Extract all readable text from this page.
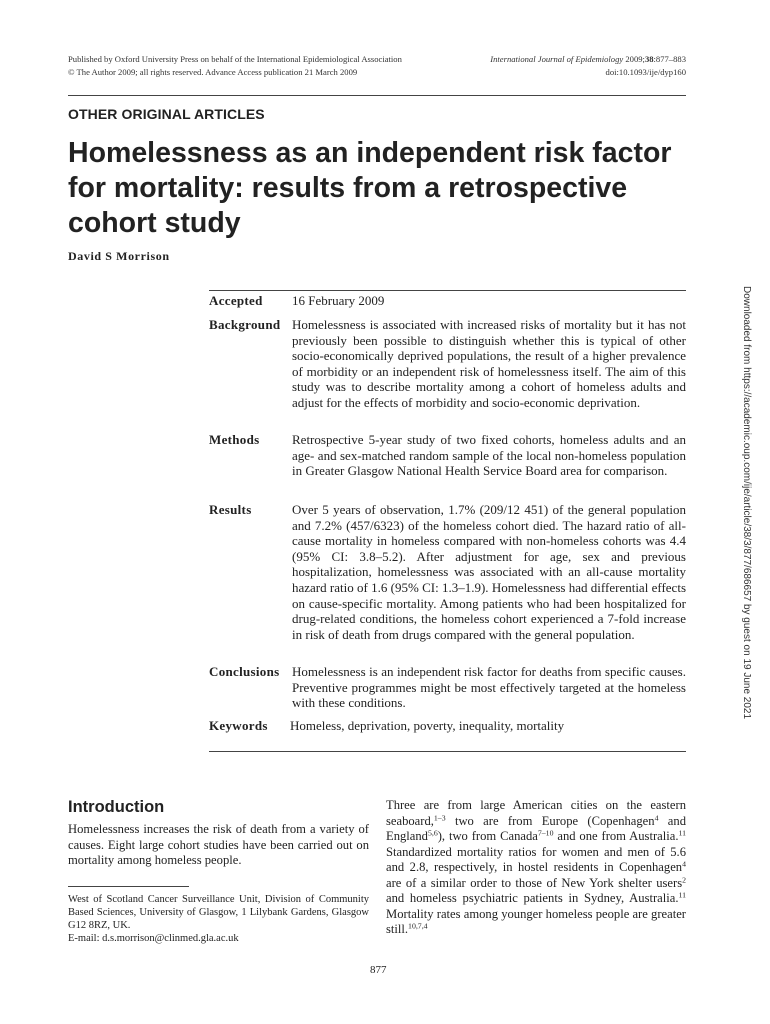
Published by Oxford University Press on behalf of the International Epidemiological Association
© The Author 2009; all rights reserved. Advance Access publication 21 March 2009
International Journal of Epidemiology 2009;38:877–883
doi:10.1093/ije/dyp160
OTHER ORIGINAL ARTICLES
Homelessness as an independent risk factor
for mortality: results from a retrospective
cohort study
David S Morrison
Accepted 16 February 2009
Background Homelessness is associated with increased risks of mortality but it has not previously been possible to distinguish whether this is typical of other socio-economically deprived populations, the result of a higher prevalence of morbidity or an independent risk of homelessness itself. The aim of this study was to describe mortality among a cohort of homeless adults and adjust for the effects of morbidity and socio-economic deprivation.
Methods	Retrospective 5-year study of two fixed cohorts, homeless adults and an age- and sex-matched random sample of the local non-homeless population in Greater Glasgow National Health Service Board area for comparison.
Results	Over 5 years of observation, 1.7% (209/12 451) of the general population and 7.2% (457/6323) of the homeless cohort died. The hazard ratio of all-cause mortality in homeless compared with non-homeless cohorts was 4.4 (95% CI: 3.8–5.2). After adjustment for age, sex and previous hospitalization, homelessness was associated with an all-cause mortality hazard ratio of 1.6 (95% CI: 1.3–1.9). Homelessness had differential effects on cause-specific mortality. Among patients who had been hospitalized for drug-related conditions, the homeless cohort experienced a 7-fold increase in risk of death from drugs compared with the general population.
Conclusions Homelessness is an independent risk factor for deaths from specific causes. Preventive programmes might be most effectively targeted at the homeless with these conditions.
Keywords Homeless, deprivation, poverty, inequality, mortality
Downloaded from https://academic.oup.com/ije/article/38/3/877/686657 by guest on 19 June 2021
Introduction
Homelessness increases the risk of death from a variety of causes. Eight large cohort studies have been carried out on mortality among homeless people.
West of Scotland Cancer Surveillance Unit, Division of Community Based Sciences, University of Glasgow, 1 Lilybank Gardens, Glasgow G12 8RZ, UK.
E-mail: d.s.morrison@clinmed.gla.ac.uk
Three are from large American cities on the eastern seaboard,$^{1-3}$ two are from Europe (Copenhagen$^4$ and England$^{5,6}$), two from Canada$^{7-10}$ and one from Australia.$^{11}$ Standardized mortality ratios for women and men of 5.6 and 2.8, respectively, in hostel residents in Copenhagen$^4$ are of a similar order to those of New York shelter users$^2$ and homeless psychiatric patients in Sydney, Australia.$^{11}$ Mortality rates among younger homeless people are greater still.$^{10,7,4}$
877
